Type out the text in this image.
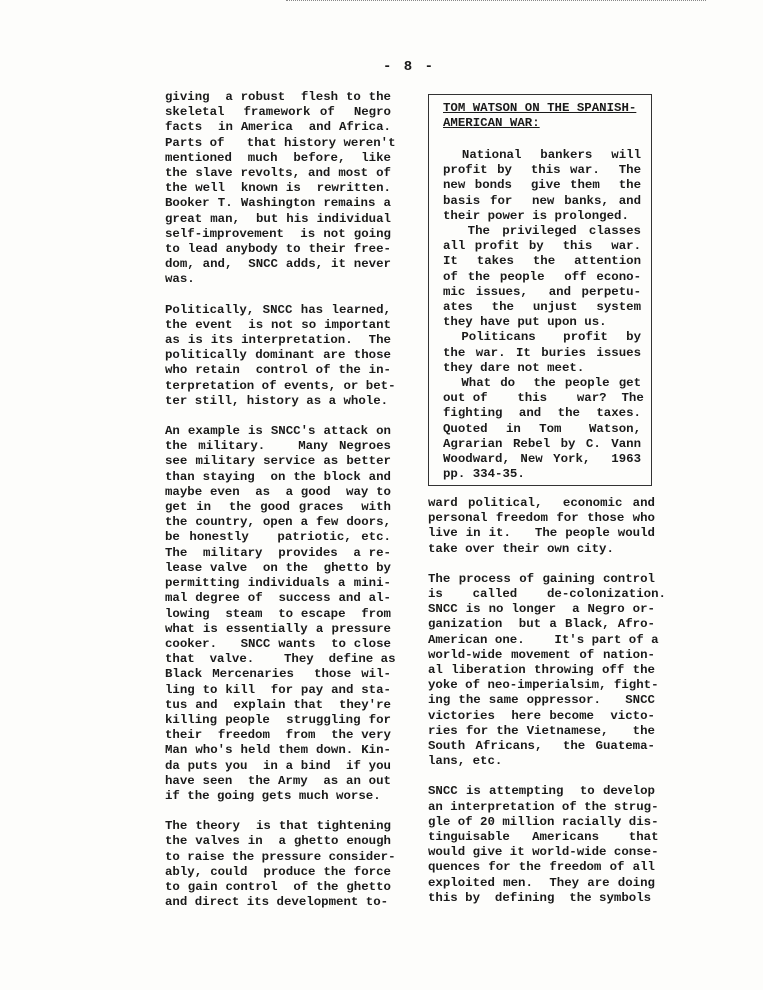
- 8 -

giving  a robust  flesh to the
skeletal  framework of  Negro
facts  in America  and Africa.
Parts of   that history weren't
mentioned  much  before,  like
the slave revolts, and most of
the well  known is  rewritten.
Booker T. Washington remains a
great man,  but his individual
self-improvement  is not going
to lead anybody to their free-
dom, and,  SNCC adds, it never
was.

Politically, SNCC has learned,
the event  is not so important
as is its interpretation.  The
politically dominant are those
who retain  control of the in-
terpretation of events, or bet-
ter still, history as a whole.

An example is SNCC's attack on
the military.   Many Negroes
see military service as better
than staying  on the block and
maybe even  as  a good  way to
get in  the good graces  with
the country, open a few doors,
be honestly   patriotic, etc.
The  military  provides  a re-
lease valve  on the  ghetto by
permitting individuals a mini-
mal degree of  success and al-
lowing  steam  to escape  from
what is essentially a pressure
cooker.   SNCC wants  to close
that  valve.    They  define as
Black Mercenaries  those wil-
ling to kill  for pay and sta-
tus and  explain that  they're
killing people  struggling for
their  freedom  from  the very
Man who's held them down. Kin-
da puts you  in a bind  if you
have seen  the Army  as an out
if the going gets much worse.

The theory  is that tightening
the valves in  a ghetto enough
to raise the pressure consider-
ably, could  produce the force
to gain control  of the ghetto
and direct its development to-

TOM WATSON ON THE SPANISH-
AMERICAN WAR:
National  bankers  will
profit by  this war.  The
new bonds  give them  the
basis for  new banks, and
their power is prolonged.
The privileged classes
all profit by  this  war.
It  takes  the  attention
of the people  off econo-
mic issues,  and perpetu-
ates  the  unjust  system
they have put upon us.
Politicans   profit  by
the war. It buries issues
they dare not meet.
What do  the people get
out of    this    war?  The
fighting and the taxes.
Quoted  in  Tom   Watson,
Agrarian Rebel by C. Vann
Woodward, New York,  1963
pp. 334-35.

ward political,  economic and
personal freedom for those who
live in it.   The people would
take over their own city.

The process of gaining control
is    called    de-colonization.
SNCC is no longer  a Negro or-
ganization  but a Black, Afro-
American one.    It's part of a
world-wide movement of nation-
al liberation throwing off the
yoke of neo-imperialsim, fight-
ing the same oppressor.   SNCC
victories  here become  victo-
ries for the Vietnamese,   the
South Africans,  the Guatema-
lans, etc.

SNCC is attempting  to develop
an interpretation of the strug-
gle of 20 million racially dis-
tinguisable   Americans    that
would give it world-wide conse-
quences for the freedom of all
exploited men.  They are doing
this by  defining  the symbols
